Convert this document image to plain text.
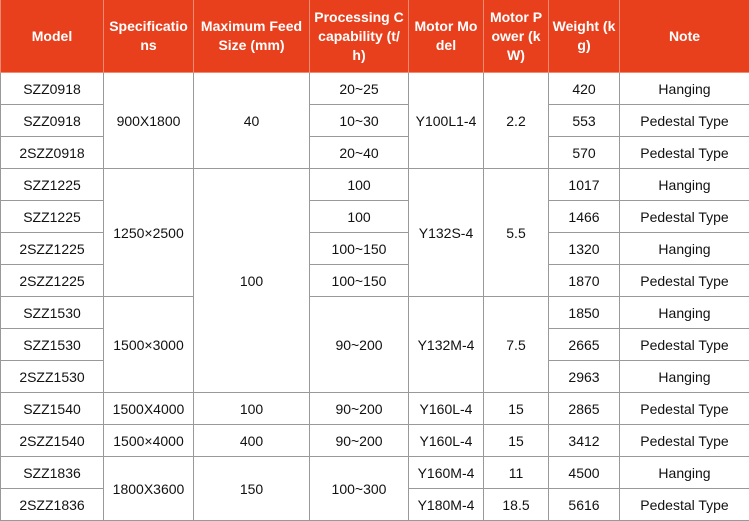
Model	Specifications	Maximum Feed Size (mm)	Processing Ccapability (t/h)	Motor Model	Motor Power (kW)	Weight (kg)	Note
SZZ0918	900X1800	40	20~25	Y100L1-4	2.2	420	Hanging
SZZ0918			10~30			553	Pedestal Type
2SZZ0918			20~40			570	Pedestal Type
SZZ1225	1250×2500	100	100	Y132S-4	5.5	1017	Hanging
SZZ1225			100			1466	Pedestal Type
2SZZ1225			100~150			1320	Hanging
2SZZ1225			100~150			1870	Pedestal Type
SZZ1530	1500×3000		90~200	Y132M-4	7.5	1850	Hanging
SZZ1530						2665	Pedestal Type
2SZZ1530						2963	Hanging
SZZ1540	1500X4000	100	90~200	Y160L-4	15	2865	Pedestal Type
2SZZ1540	1500×4000	400	90~200	Y160L-4	15	3412	Pedestal Type
SZZ1836	1800X3600	150	100~300	Y160M-4	11	4500	Hanging
2SZZ1836				Y180M-4	18.5	5616	Pedestal Type
